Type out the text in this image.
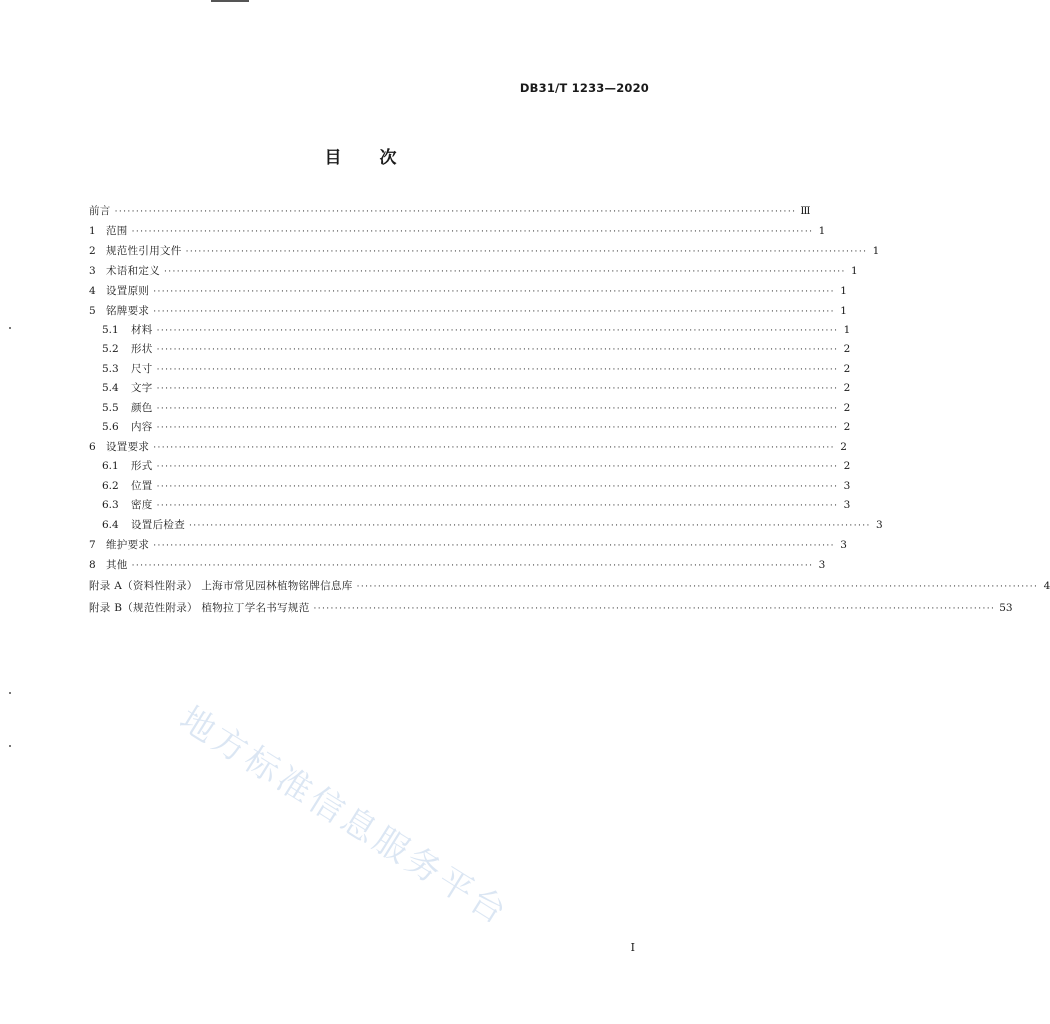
DB31/T 1233—2020
目 次
前言 ································································································································································ Ⅲ
1 范围 ································································································································································ 1
2 规范性引用文件 ································································································································································ 1
3 术语和定义 ································································································································································ 1
4 设置原则 ································································································································································ 1
5 铭牌要求 ································································································································································ 1
5.1	材料 ································································································································································ 1
5.2	形状 ································································································································································ 2
5.3	尺寸 ································································································································································ 2
5.4	文字 ································································································································································ 2
5.5	颜色 ································································································································································ 2
5.6	内容 ································································································································································ 2
6 设置要求 ································································································································································ 2
6.1	形式 ································································································································································ 2
6.2	位置 ································································································································································ 3
6.3	密度 ································································································································································ 3
6.4	设置后检查 ································································································································································ 3
7 维护要求 ································································································································································ 3
8 其他 ································································································································································ 3
附录 A（资料性附录） 上海市常见园林植物铭牌信息库 ································································································································································ 4
附录 B（规范性附录） 植物拉丁学名书写规范 ································································································································································ 53
地方标准信息服务平台
I
